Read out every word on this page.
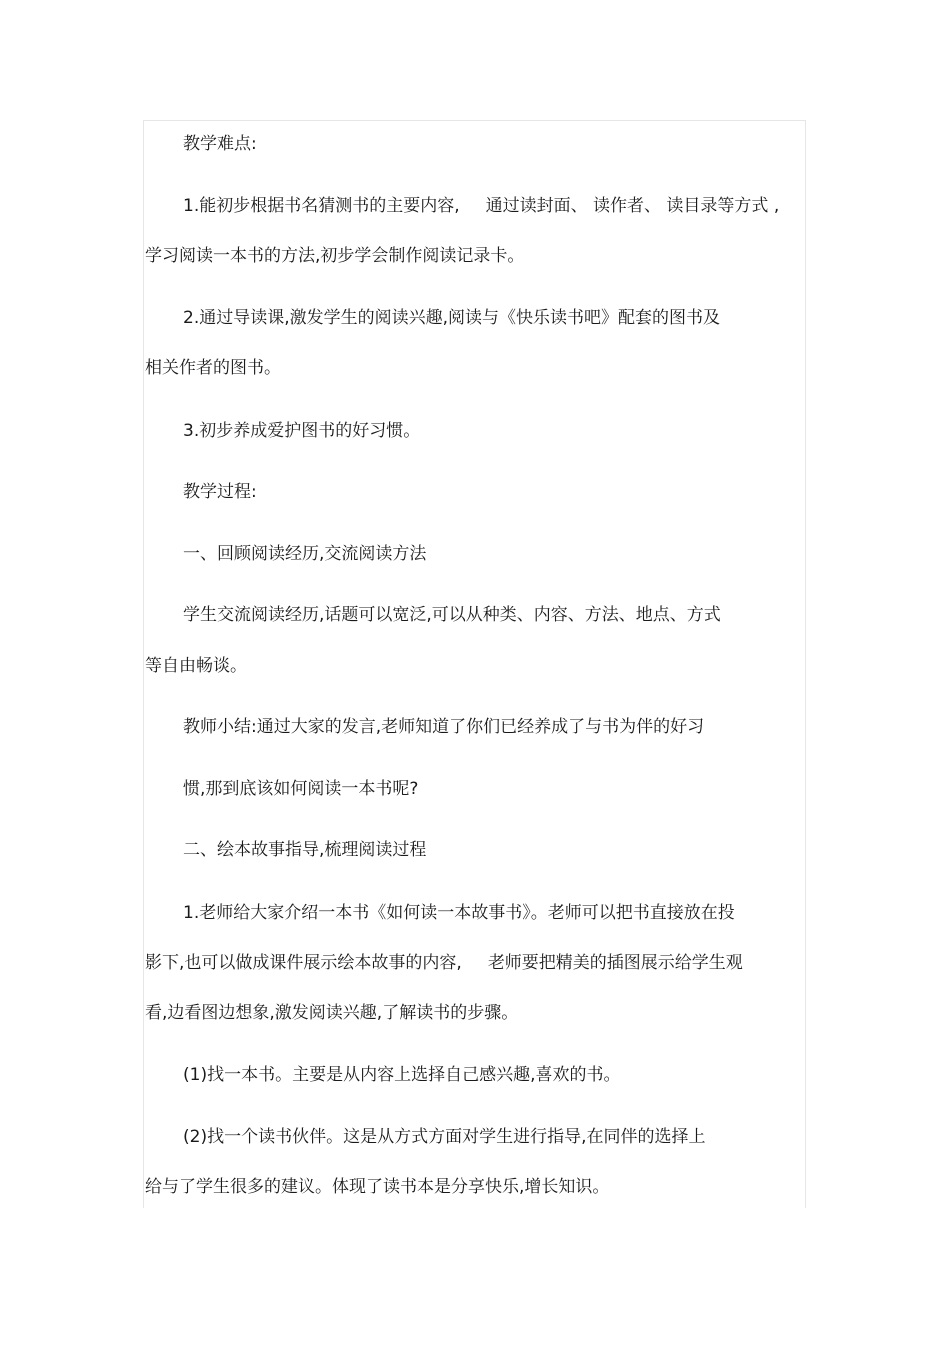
教学难点:

1.能初步根据书名猜测书的主要内容, 通过读封面、 读作者、 读目录等方式 ,

学习阅读一本书的方法,初步学会制作阅读记录卡。

2.通过导读课,激发学生的阅读兴趣,阅读与《快乐读书吧》配套的图书及

相关作者的图书。

3.初步养成爱护图书的好习惯。

教学过程:

一、回顾阅读经历,交流阅读方法

学生交流阅读经历,话题可以宽泛,可以从种类、内容、方法、地点、方式

等自由畅谈。

教师小结:通过大家的发言,老师知道了你们已经养成了与书为伴的好习

惯,那到底该如何阅读一本书呢?

二、绘本故事指导,梳理阅读过程

1.老师给大家介绍一本书《如何读一本故事书》。老师可以把书直接放在投

影下,也可以做成课件展示绘本故事的内容, 老师要把精美的插图展示给学生观

看,边看图边想象,激发阅读兴趣,了解读书的步骤。

(1)找一本书。主要是从内容上选择自己感兴趣,喜欢的书。

(2)找一个读书伙伴。这是从方式方面对学生进行指导,在同伴的选择上

给与了学生很多的建议。体现了读书本是分享快乐,增长知识。
